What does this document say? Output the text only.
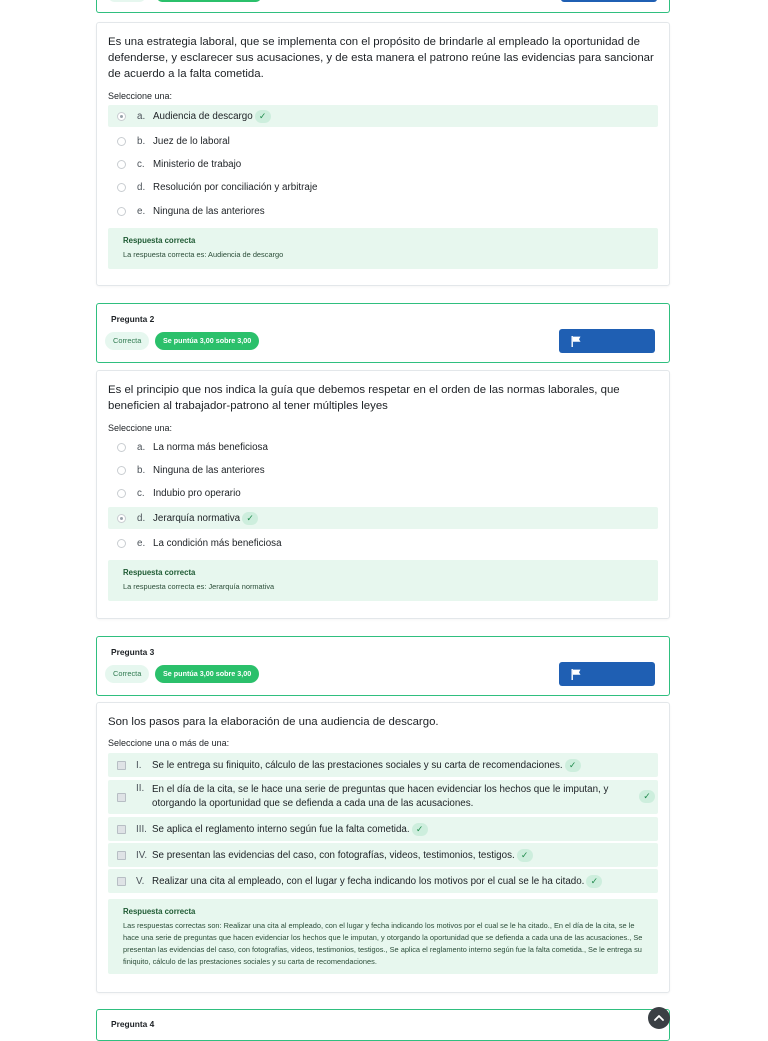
Es una estrategia laboral, que se implementa con el propósito de brindarle al empleado la oportunidad de defenderse, y esclarecer sus acusaciones, y de esta manera el patrono reúne las evidencias para sancionar de acuerdo a la falta cometida.
Seleccione una:
a. Audiencia de descargo ✓
b. Juez de lo laboral
c. Ministerio de trabajo
d. Resolución por conciliación y arbitraje
e. Ninguna de las anteriores
Respuesta correcta
La respuesta correcta es: Audiencia de descargo
Pregunta 2
Correcta	Se puntúa 3,00 sobre 3,00
Es el principio que nos indica la guía que debemos respetar en el orden de las normas laborales, que beneficien al trabajador-patrono al tener múltiples leyes
Seleccione una:
a. La norma más beneficiosa
b. Ninguna de las anteriores
c. Indubio pro operario
d. Jerarquía normativa ✓
e. La condición más beneficiosa
Respuesta correcta
La respuesta correcta es: Jerarquía normativa
Pregunta 3
Correcta	Se puntúa 3,00 sobre 3,00
Son los pasos para la elaboración de una audiencia de descargo.
Seleccione una o más de una:
I.	Se le entrega su finiquito, cálculo de las prestaciones sociales y su carta de recomendaciones. ✓
II. En el día de la cita, se le hace una serie de preguntas que hacen evidenciar los hechos que le imputan, y otorgando la oportunidad que se defienda a cada una de las acusaciones.
✓
III. Se aplica el reglamento interno según fue la falta cometida. ✓
IV. Se presentan las evidencias del caso, con fotografías, videos, testimonios, testigos. ✓
V. Realizar una cita al empleado, con el lugar y fecha indicando los motivos por el cual se le ha citado. ✓
Respuesta correcta
Las respuestas correctas son: Realizar una cita al empleado, con el lugar y fecha indicando los motivos por el cual se le ha citado., En el día de la cita, se le hace una serie de preguntas que hacen evidenciar los hechos que le imputan, y otorgando la oportunidad que se defienda a cada una de las acusaciones., Se presentan las evidencias del caso, con fotografías, videos, testimonios, testigos., Se aplica el reglamento interno según fue la falta cometida., Se le entrega su finiquito, cálculo de las prestaciones sociales y su carta de recomendaciones.
Pregunta 4
